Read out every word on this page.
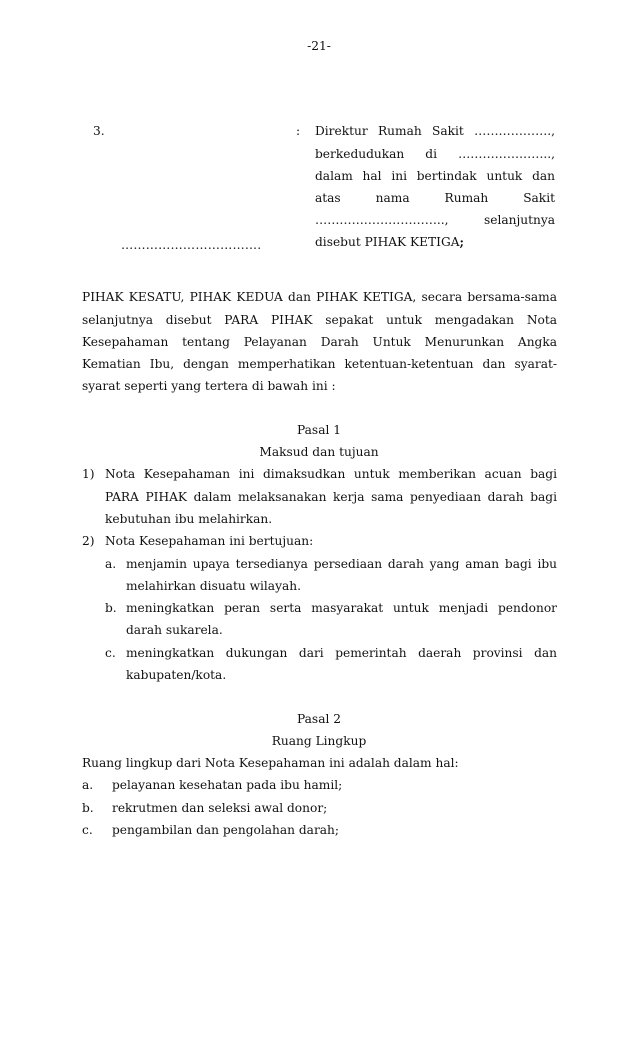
-21-
3.	: Direktur Rumah Sakit ……………….,
berkedudukan di …………………..,
dalam hal ini bertindak untuk dan
atas nama Rumah Sakit
………………………….., selanjutnya
disebut PIHAK KETIGA;
…………………………….
PIHAK KESATU, PIHAK KEDUA dan PIHAK KETIGA, secara bersama-sama
selanjutnya disebut PARA PIHAK sepakat untuk mengadakan Nota
Kesepahaman tentang Pelayanan Darah Untuk Menurunkan Angka
Kematian Ibu, dengan memperhatikan ketentuan-ketentuan dan syarat-
syarat seperti yang tertera di bawah ini :
Pasal 1
Maksud dan tujuan
1) Nota Kesepahaman ini dimaksudkan untuk memberikan acuan bagi
PARA PIHAK dalam melaksanakan kerja sama penyediaan darah bagi
kebutuhan ibu melahirkan.
2) Nota Kesepahaman ini bertujuan:
a. menjamin upaya tersedianya persediaan darah yang aman bagi ibu
melahirkan disuatu wilayah.
b. meningkatkan peran serta masyarakat untuk menjadi pendonor
darah sukarela.
c. meningkatkan dukungan dari pemerintah daerah provinsi dan
kabupaten/kota.
Pasal 2
Ruang Lingkup
Ruang lingkup dari Nota Kesepahaman ini adalah dalam hal:
a. pelayanan kesehatan pada ibu hamil;
b. rekrutmen dan seleksi awal donor;
c. pengambilan dan pengolahan darah;
